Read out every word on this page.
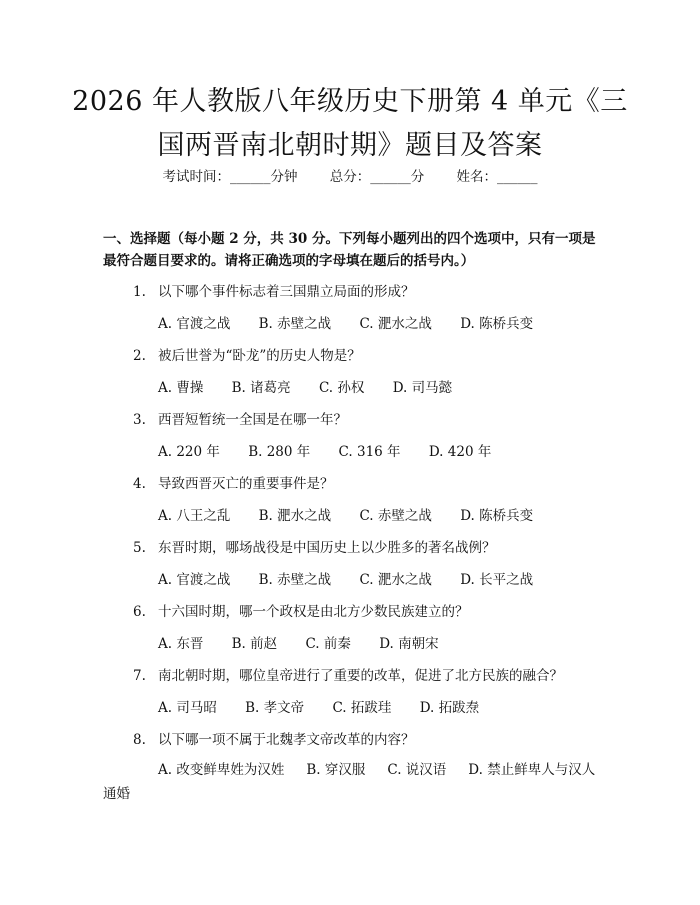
2026 年人教版八年级历史下册第 4 单元《三
国两晋南北朝时期》题目及答案
考试时间：______分钟 总分：______分 姓名：______
一、选择题（每小题 2 分，共 30 分。下列每小题列出的四个选项中，只有一项是最符合题目要求的。请将正确选项的字母填在题后的括号内。）
1. 以下哪个事件标志着三国鼎立局面的形成？
A. 官渡之战 B. 赤壁之战 C. 淝水之战 D. 陈桥兵变
2. 被后世誉为“卧龙”的历史人物是？
A. 曹操 B. 诸葛亮 C. 孙权 D. 司马懿
3. 西晋短暂统一全国是在哪一年？
A. 220 年 B. 280 年 C. 316 年 D. 420 年
4. 导致西晋灭亡的重要事件是？
A. 八王之乱 B. 淝水之战 C. 赤壁之战 D. 陈桥兵变
5. 东晋时期，哪场战役是中国历史上以少胜多的著名战例？
A. 官渡之战 B. 赤壁之战 C. 淝水之战 D. 长平之战
6. 十六国时期，哪一个政权是由北方少数民族建立的？
A. 东晋 B. 前赵 C. 前秦 D. 南朝宋
7. 南北朝时期，哪位皇帝进行了重要的改革，促进了北方民族的融合？
A. 司马昭 B. 孝文帝 C. 拓跋珪 D. 拓跋焘
8. 以下哪一项不属于北魏孝文帝改革的内容？
A. 改变鲜卑姓为汉姓 B. 穿汉服 C. 说汉语 D. 禁止鲜卑人与汉人通婚
